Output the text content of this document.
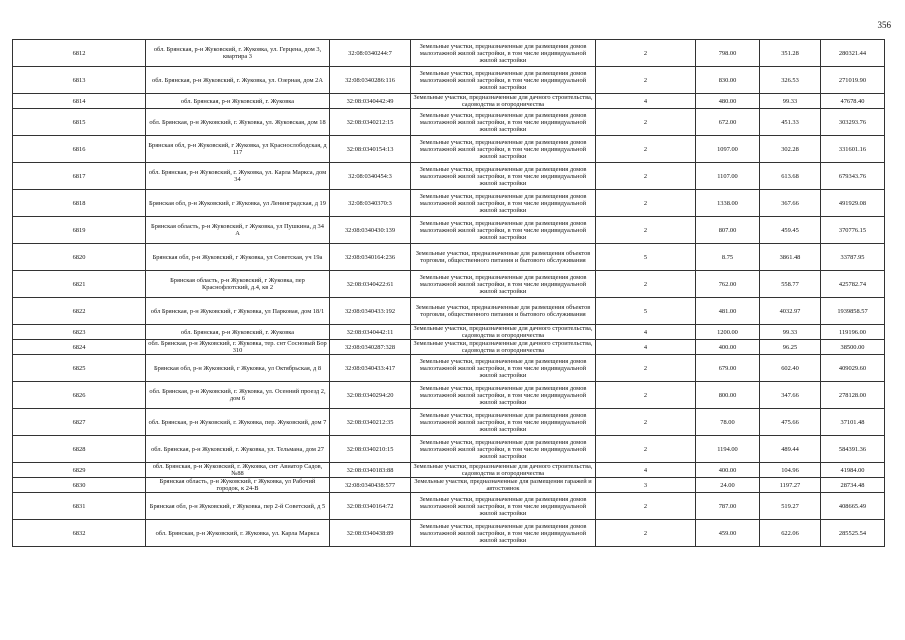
356
6812	обл. Брянская, р-н Жуковский, г. Жуковка, ул. Герцена, дом 3, квартира 3	32:08:0340244:7	Земельные участки, предназначенные для размещения домов малоэтажной жилой застройки, в том числе индивидуальной жилой застройки	2	798.00	351.28	280321.44
6813	обл. Брянская, р-н Жуковский, г. Жуковка, ул. Озерная, дом 2А	32:08:0340286:116	Земельные участки, предназначенные для размещения домов малоэтажной жилой застройки, в том числе индивидуальной жилой застройки	2	830.00	326.53	271019.90
6814	обл. Брянская, р-н Жуковский, г. Жуковка	32:08:0340442:49	Земельные участки, предназначенные для дачного строительства, садоводства и огородничества	4	480.00	99.33	47678.40
6815	обл. Брянская, р-н Жуковский, г. Жуковка, ул. Жуковская, дом 18	32:08:0340212:15	Земельные участки, предназначенные для размещения домов малоэтажной жилой застройки, в том числе индивидуальной жилой застройки	2	672.00	451.33	303293.76
6816	Брянская обл, р-н Жуковский, г Жуковка, ул Краснослободская, д 117	32:08:0340154:13	Земельные участки, предназначенные для размещения домов малоэтажной жилой застройки, в том числе индивидуальной жилой застройки	2	1097.00	302.28	331601.16
6817	обл. Брянская, р-н Жуковский, г. Жуковка, ул. Карла Маркса, дом 34	32:08:0340454:3	Земельные участки, предназначенные для размещения домов малоэтажной жилой застройки, в том числе индивидуальной жилой застройки	2	1107.00	613.68	679343.76
6818	Брянская обл, р-н Жуковский, г Жуковка, ул Ленинградская, д 19	32:08:0340370:3	Земельные участки, предназначенные для размещения домов малоэтажной жилой застройки, в том числе индивидуальной жилой застройки	2	1338.00	367.66	491929.08
6819	Брянская область, р-н Жуковский, г Жуковка, ул Пушкина, д 34 А	32:08:0340430:139	Земельные участки, предназначенные для размещения домов малоэтажной жилой застройки, в том числе индивидуальной жилой застройки	2	807.00	459.45	370776.15
6820	Брянская обл, р-н Жуковский, г Жуковка, ул Советская, уч 19а	32:08:0340164:236	Земельные участки, предназначенные для размещения объектов торговли, общественного питания и бытового обслуживания	5	8.75	3861.48	33787.95
6821	Брянская область, р-н Жуковский, г Жуковка, пер Краснофлотский, д.4, кв 2	32:08:0340422:61	Земельные участки, предназначенные для размещения домов малоэтажной жилой застройки, в том числе индивидуальной жилой застройки	2	762.00	558.77	425782.74
6822	обл Брянская, р-н Жуковский, г Жуковка, ул Парковая, дом 18/1	32:08:0340433:192	Земельные участки, предназначенные для размещения объектов торговли, общественного питания и бытового обслуживания	5	481.00	4032.97	1939858.57
6823	обл. Брянская, р-н Жуковский, г. Жуковка	32:08:0340442:11	Земельные участки, предназначенные для дачного строительства, садоводства и огородничества	4	1200.00	99.33	119196.00
6824	обл. Брянская, р-н Жуковский, г. Жуковка, тер. снт Сосновый Бор 310	32:08:0340287:328	Земельные участки, предназначенные для дачного строительства, садоводства и огородничества	4	400.00	96.25	38500.00
6825	Брянская обл, р-н Жуковский, г Жуковка, ул Октябрьская, д 8	32:08:0340433:417	Земельные участки, предназначенные для размещения домов малоэтажной жилой застройки, в том числе индивидуальной жилой застройки	2	679.00	602.40	409029.60
6826	обл. Брянская, р-н Жуковский, г. Жуковка, ул. Осенний проезд 2, дом 6	32:08:0340294:20	Земельные участки, предназначенные для размещения домов малоэтажной жилой застройки, в том числе индивидуальной жилой застройки	2	800.00	347.66	278128.00
6827	обл. Брянская, р-н Жуковский, г. Жуковка, пер. Жуковский, дом 7	32:08:0340212:35	Земельные участки, предназначенные для размещения домов малоэтажной жилой застройки, в том числе индивидуальной жилой застройки	2	78.00	475.66	37101.48
6828	обл. Брянская, р-н Жуковский, г. Жуковка, ул. Тельмана, дом 27	32:08:0340210:15	Земельные участки, предназначенные для размещения домов малоэтажной жилой застройки, в том числе индивидуальной жилой застройки	2	1194.00	489.44	584391.36
6829	обл. Брянская, р-н Жуковский, г. Жуковка, снт Авиатор Садов, №88	32:08:0340183:88	Земельные участки, предназначенные для дачного строительства, садоводства и огородничества	4	400.00	104.96	41984.00
6830	Брянская область, р-н Жуковский, г Жуковка, ул Рабочий городок, к 24-В	32:08:0340438:577	Земельные участки, предназначенные для размещения гаражей и автостоянок	3	24.00	1197.27	28734.48
6831	Брянская обл, р-н Жуковский, г Жуковка, пер 2-й Советский, д 5	32:08:0340164:72	Земельные участки, предназначенные для размещения домов малоэтажной жилой застройки, в том числе индивидуальной жилой застройки	2	787.00	519.27	408665.49
6832	обл. Брянская, р-н Жуковский, г. Жуковка, ул. Карла Маркса	32:08:0340438:89	Земельные участки, предназначенные для размещения домов малоэтажной жилой застройки, в том числе индивидуальной жилой застройки	2	459.00	622.06	285525.54
